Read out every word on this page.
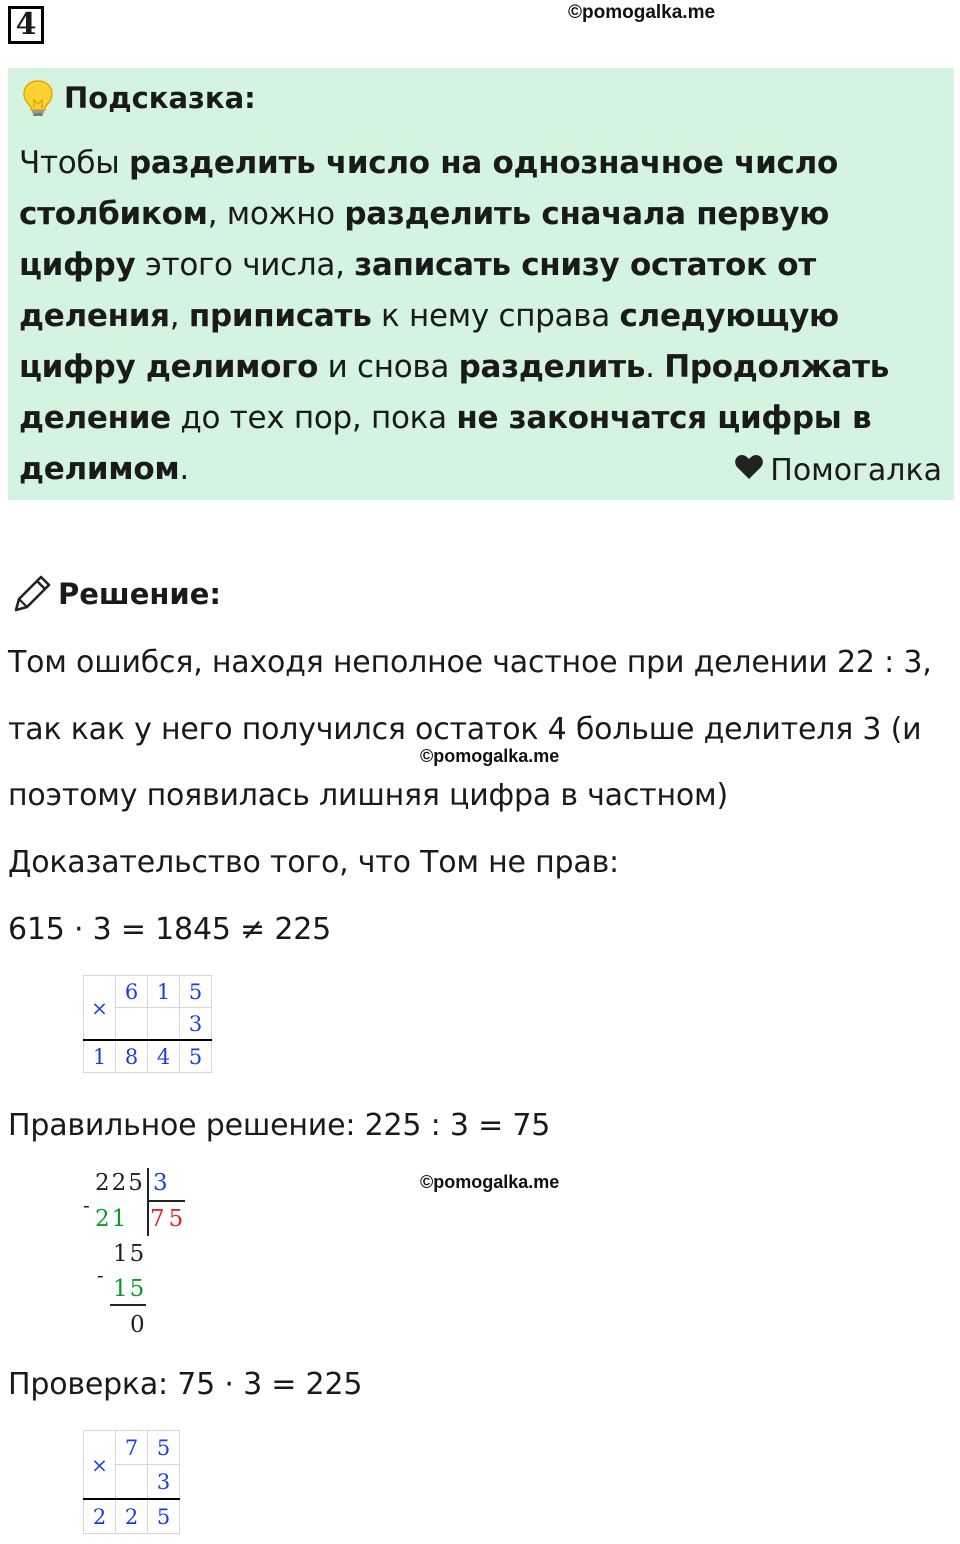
4	©pomogalka.me
Подсказка:
Чтобы разделить число на однозначное число столбиком, можно разделить сначала первую цифру этого числа, записать снизу остаток от деления, приписать к нему справа следующую цифру делимого и снова разделить. Продолжать деление до тех пор, пока не закончатся цифры в делимом.	Помогалка
Решение:
Том ошибся, находя неполное частное при делении 22 : 3,
так как у него получился остаток 4 больше делителя 3 (и
©pomogalka.me
поэтому появилась лишняя цифра в частном)
Доказательство того, что Том не прав:
615 · 3 = 1845 ≠ 225
×	6	1	5
			3
1	8	4	5
Правильное решение: 225 : 3 = 75
225 3
-
21 75
15
-
15
0
©pomogalka.me
Проверка: 75 · 3 = 225
×	7	5
		3
2	2	5
